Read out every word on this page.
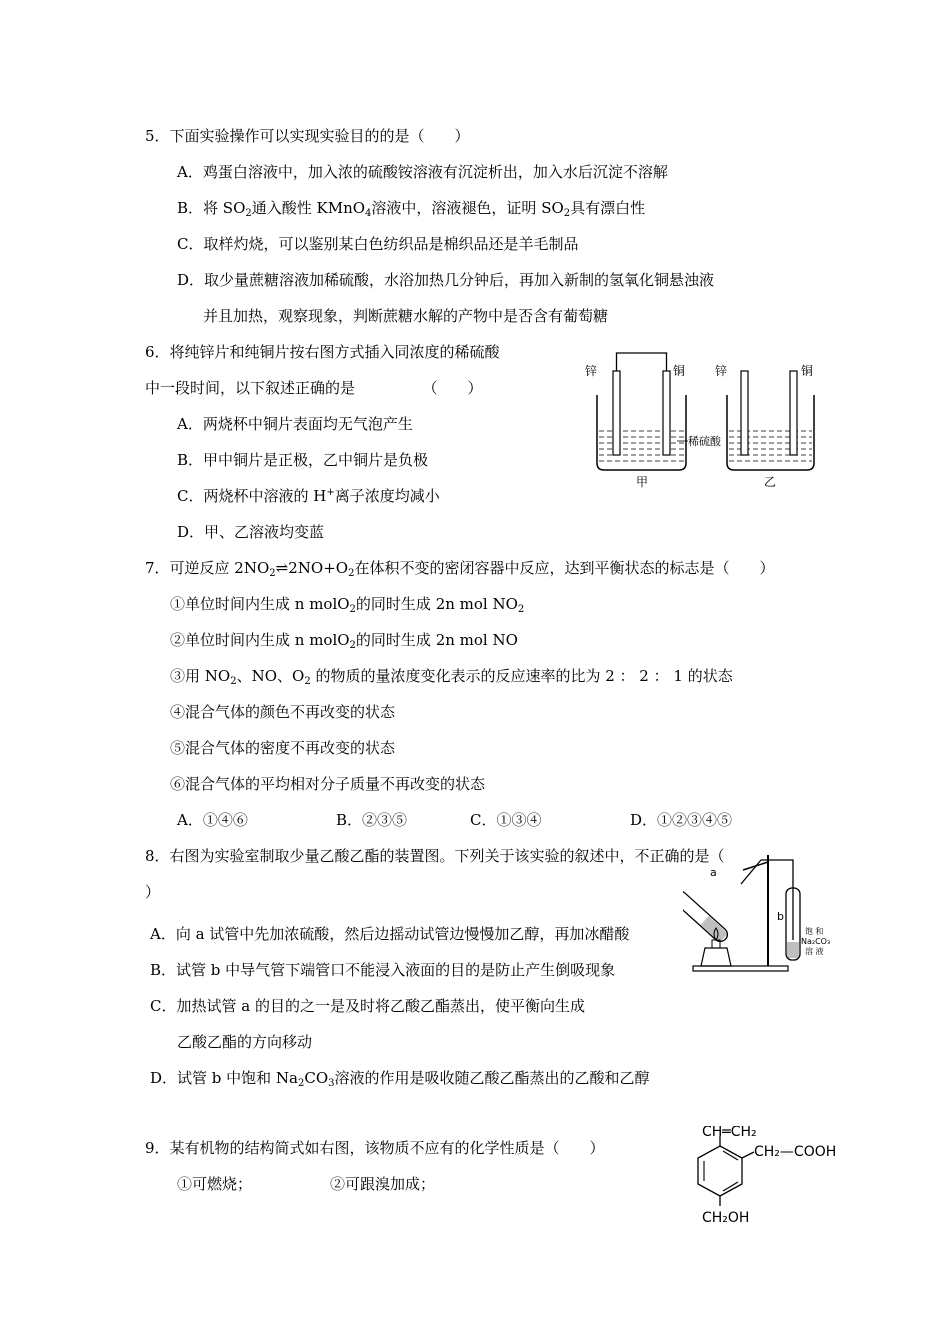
5．下面实验操作可以实现实验目的的是（　　）
A．鸡蛋白溶液中，加入浓的硫酸铵溶液有沉淀析出，加入水后沉淀不溶解
B．将 $SO_2$通入酸性 KMnO$_4$溶液中，溶液褪色，证明 $SO_2$具有漂白性
C．取样灼烧，可以鉴别某白色纺织品是棉织品还是羊毛制品
D．取少量蔗糖溶液加稀硫酸，水浴加热几分钟后，再加入新制的氢氧化铜悬浊液
并且加热，观察现象，判断蔗糖水解的产物中是否含有葡萄糖
6．将纯锌片和纯铜片按右图方式插入同浓度的稀硫酸
中一段时间，以下叙述正确的是　　　　　（　　）
A．两烧杯中铜片表面均无气泡产生
B．甲中铜片是正极，乙中铜片是负极
C．两烧杯中溶液的 H+离子浓度均减小
D．甲、乙溶液均变蓝
锌	铜
甲
锌	铜
乙
稀硫酸
7．可逆反应 $2NO_2\rightleftharpoons 2NO+O_2$在体积不变的密闭容器中反应，达到平衡状态的标志是（　　）
①单位时间内生成 n molO$_2$的同时生成 2n mol $NO_2$
②单位时间内生成 n molO$_2$的同时生成 2n mol NO
③用 $NO_2$、NO、$O_2$ 的物质的量浓度变化表示的反应速率的比为 2 ： 2 ： 1 的状态
④混合气体的颜色不再改变的状态
⑤混合气体的密度不再改变的状态
⑥混合气体的平均相对分子质量不再改变的状态
A．①④⑥	B．②③⑤	C．①③④	D．①②③④⑤
8．右图为实验室制取少量乙酸乙酯的装置图。下列关于该实验的叙述中，不正确的是（
）
A．向 a 试管中先加浓硫酸，然后边摇动试管边慢慢加乙醇，再加冰醋酸
B．试管 b 中导气管下端管口不能浸入液面的目的是防止产生倒吸现象
C．加热试管 a 的目的之一是及时将乙酸乙酯蒸出，使平衡向生成
乙酸乙酯的方向移动
D．试管 b 中饱和 $Na_2CO_3$溶液的作用是吸收随乙酸乙酯蒸出的乙酸和乙醇
a
b
饱 和
Na₂CO₃
溶 液
9．某有机物的结构简式如右图，该物质不应有的化学性质是（　　）
①可燃烧；	②可跟溴加成；
CH═CH₂
CH₂—COOH
CH₂OH
